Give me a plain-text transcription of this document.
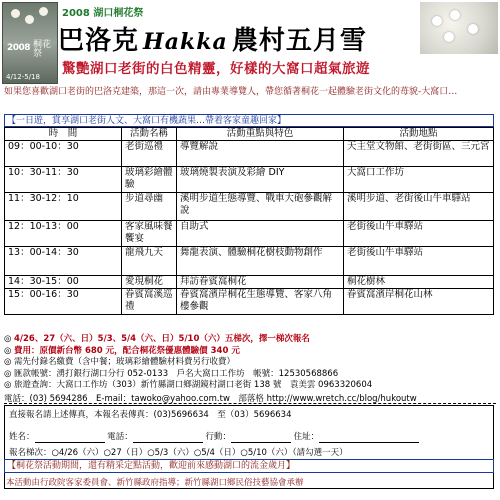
2008 桐花祭
4/12-5/18
2008 湖口桐花祭
巴洛克 Hakka 農村五月雪
驚艷湖口老街的白色精靈，好樣的大窩口超氣旅遊
如果您喜歡湖口老街的巴洛克建築，那這一次，請由專業導覽人，帶您循著桐花一起體驗老街文化的苺貌-大窩口…
【一日遊，賞享湖口老街人文、大窩口有機蔬果…帶着客家童趣回家】
時　間	活動名稱	活動重點與特色	活動地點
09：00-10：30	老街巡禮	導覽解說	天主堂文物館、老街街區、三元宮
10：30-11：30	玻璃彩繪體驗	玻璃燒製表演及彩繪 DIY	大窩口工作坊
11：30-12：10	步道尋幽	溪明步道生態導覽、戰車大砲參觀解說	溪明步道、老街後山牛車驛站
12：10-13：00	客家風味餐饗宴	自助式	老街後山牛車驛站
13：00-14：30	龍飛九天	舞龍表演、體驗桐花樹枝動物創作	老街後山牛車驛站
14：30-15：00	愛現桐花	拜訪眷賓窩桐花	桐花樹林
15：00-16：30	眷賓窩溪巡禮	眷賓窩濱岸桐花生態導覽、客家八角樓參觀	眷賓窩濱岸桐花山林
◎ 4/26、27（六、日）5/3、5/4（六、日）5/10（六）五梯次，擇一梯次報名
◎ 費用：原價新台幣 680 元，配合桐花祭優惠體驗價 340 元
◎ 需先付錄名繳費（含中餐；玻璃彩繪體驗材料費另行收費）
◎ 匯款帳號：湧打銀行湖口分行 052-0133　戶名大窩口工作坊　帳號：12530568866
◎ 旅遊查詢：大窩口工作坊（303）新竹縣湖口鄉湖鏡村湖口老街 138 號　袁美雲 0963320604
電話：(03) 5694286　E-mail：tawoko@yahoo.com.tw　部落格 http://www.wretch.cc/blog/hukoutw
直接報名請上述傳真，本報名表傳真：(03)5696634　至（03）5696634
姓名：	電話：	行動：	住址：
報名梯次：○4/26（六）○27（日）○5/3（六）○5/4（日）○5/10（六）（請勾選一天）
【桐花祭活動期間，還有精采定點活動，歡迎前來感動湖口的流金歲月】
本活動由行政院客家委員會、新竹縣政府指導；新竹縣湖口鄉民俗技藝協會承辦
